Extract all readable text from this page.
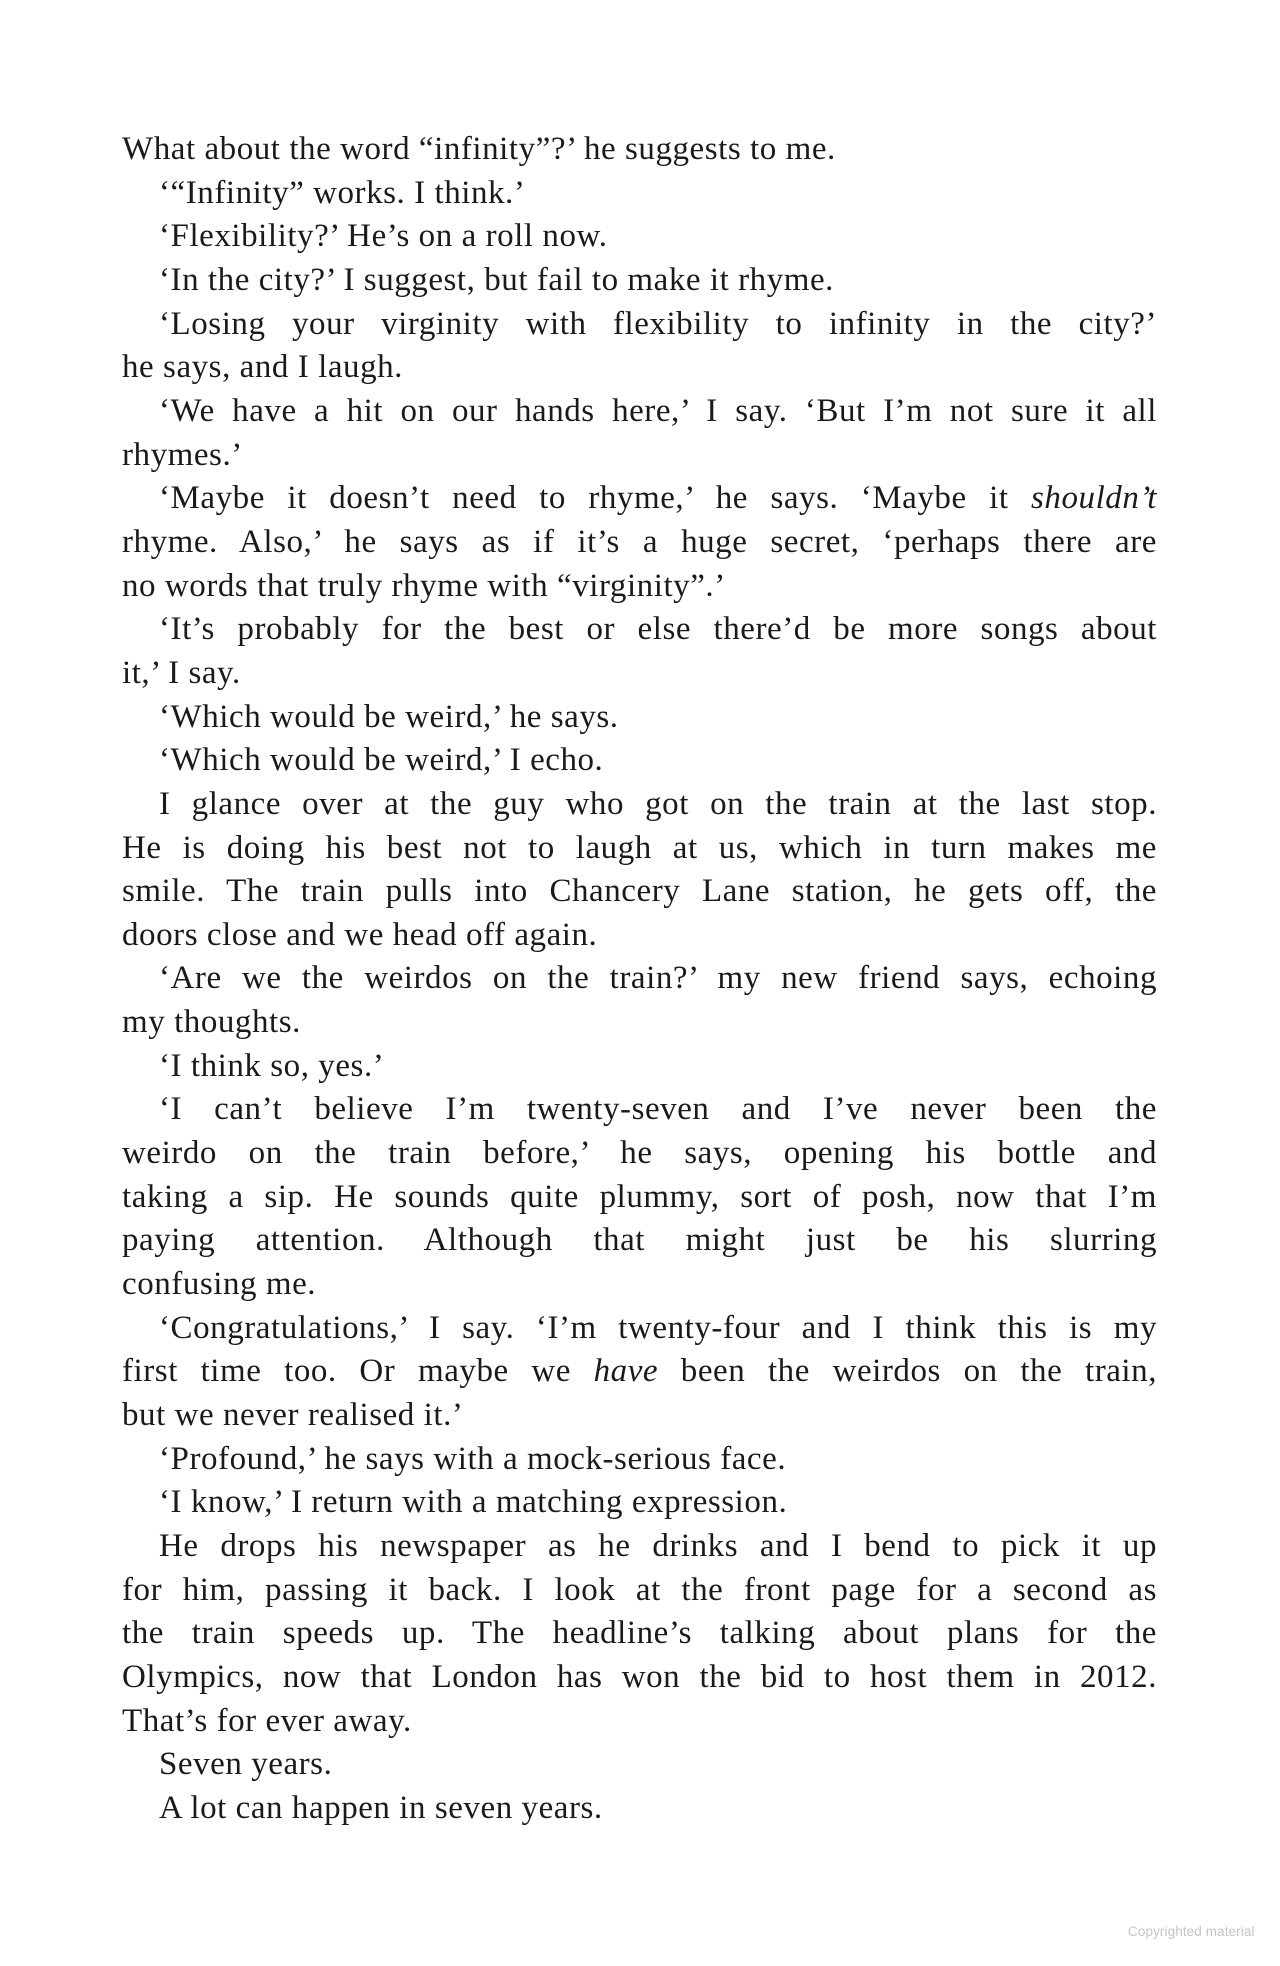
What about the word “infinity”?’ he suggests to me.
‘“Infinity” works. I think.’
‘Flexibility?’ He’s on a roll now.
‘In the city?’ I suggest, but fail to make it rhyme.
‘Losing your virginity with flexibility to infinity in the city?’
he says, and I laugh.
‘We have a hit on our hands here,’ I say. ‘But I’m not sure it all
rhymes.’
‘Maybe it doesn’t need to rhyme,’ he says. ‘Maybe it shouldn’t
rhyme. Also,’ he says as if it’s a huge secret, ‘perhaps there are
no words that truly rhyme with “virginity”.’
‘It’s probably for the best or else there’d be more songs about
it,’ I say.
‘Which would be weird,’ he says.
‘Which would be weird,’ I echo.
I glance over at the guy who got on the train at the last stop.
He is doing his best not to laugh at us, which in turn makes me
smile. The train pulls into Chancery Lane station, he gets off, the
doors close and we head off again.
‘Are we the weirdos on the train?’ my new friend says, echoing
my thoughts.
‘I think so, yes.’
‘I can’t believe I’m twenty-seven and I’ve never been the
weirdo on the train before,’ he says, opening his bottle and
taking a sip. He sounds quite plummy, sort of posh, now that I’m
paying attention. Although that might just be his slurring
confusing me.
‘Congratulations,’ I say. ‘I’m twenty-four and I think this is my
first time too. Or maybe we have been the weirdos on the train,
but we never realised it.’
‘Profound,’ he says with a mock-serious face.
‘I know,’ I return with a matching expression.
He drops his newspaper as he drinks and I bend to pick it up
for him, passing it back. I look at the front page for a second as
the train speeds up. The headline’s talking about plans for the
Olympics, now that London has won the bid to host them in 2012.
That’s for ever away.
Seven years.
A lot can happen in seven years.
Copyrighted material
